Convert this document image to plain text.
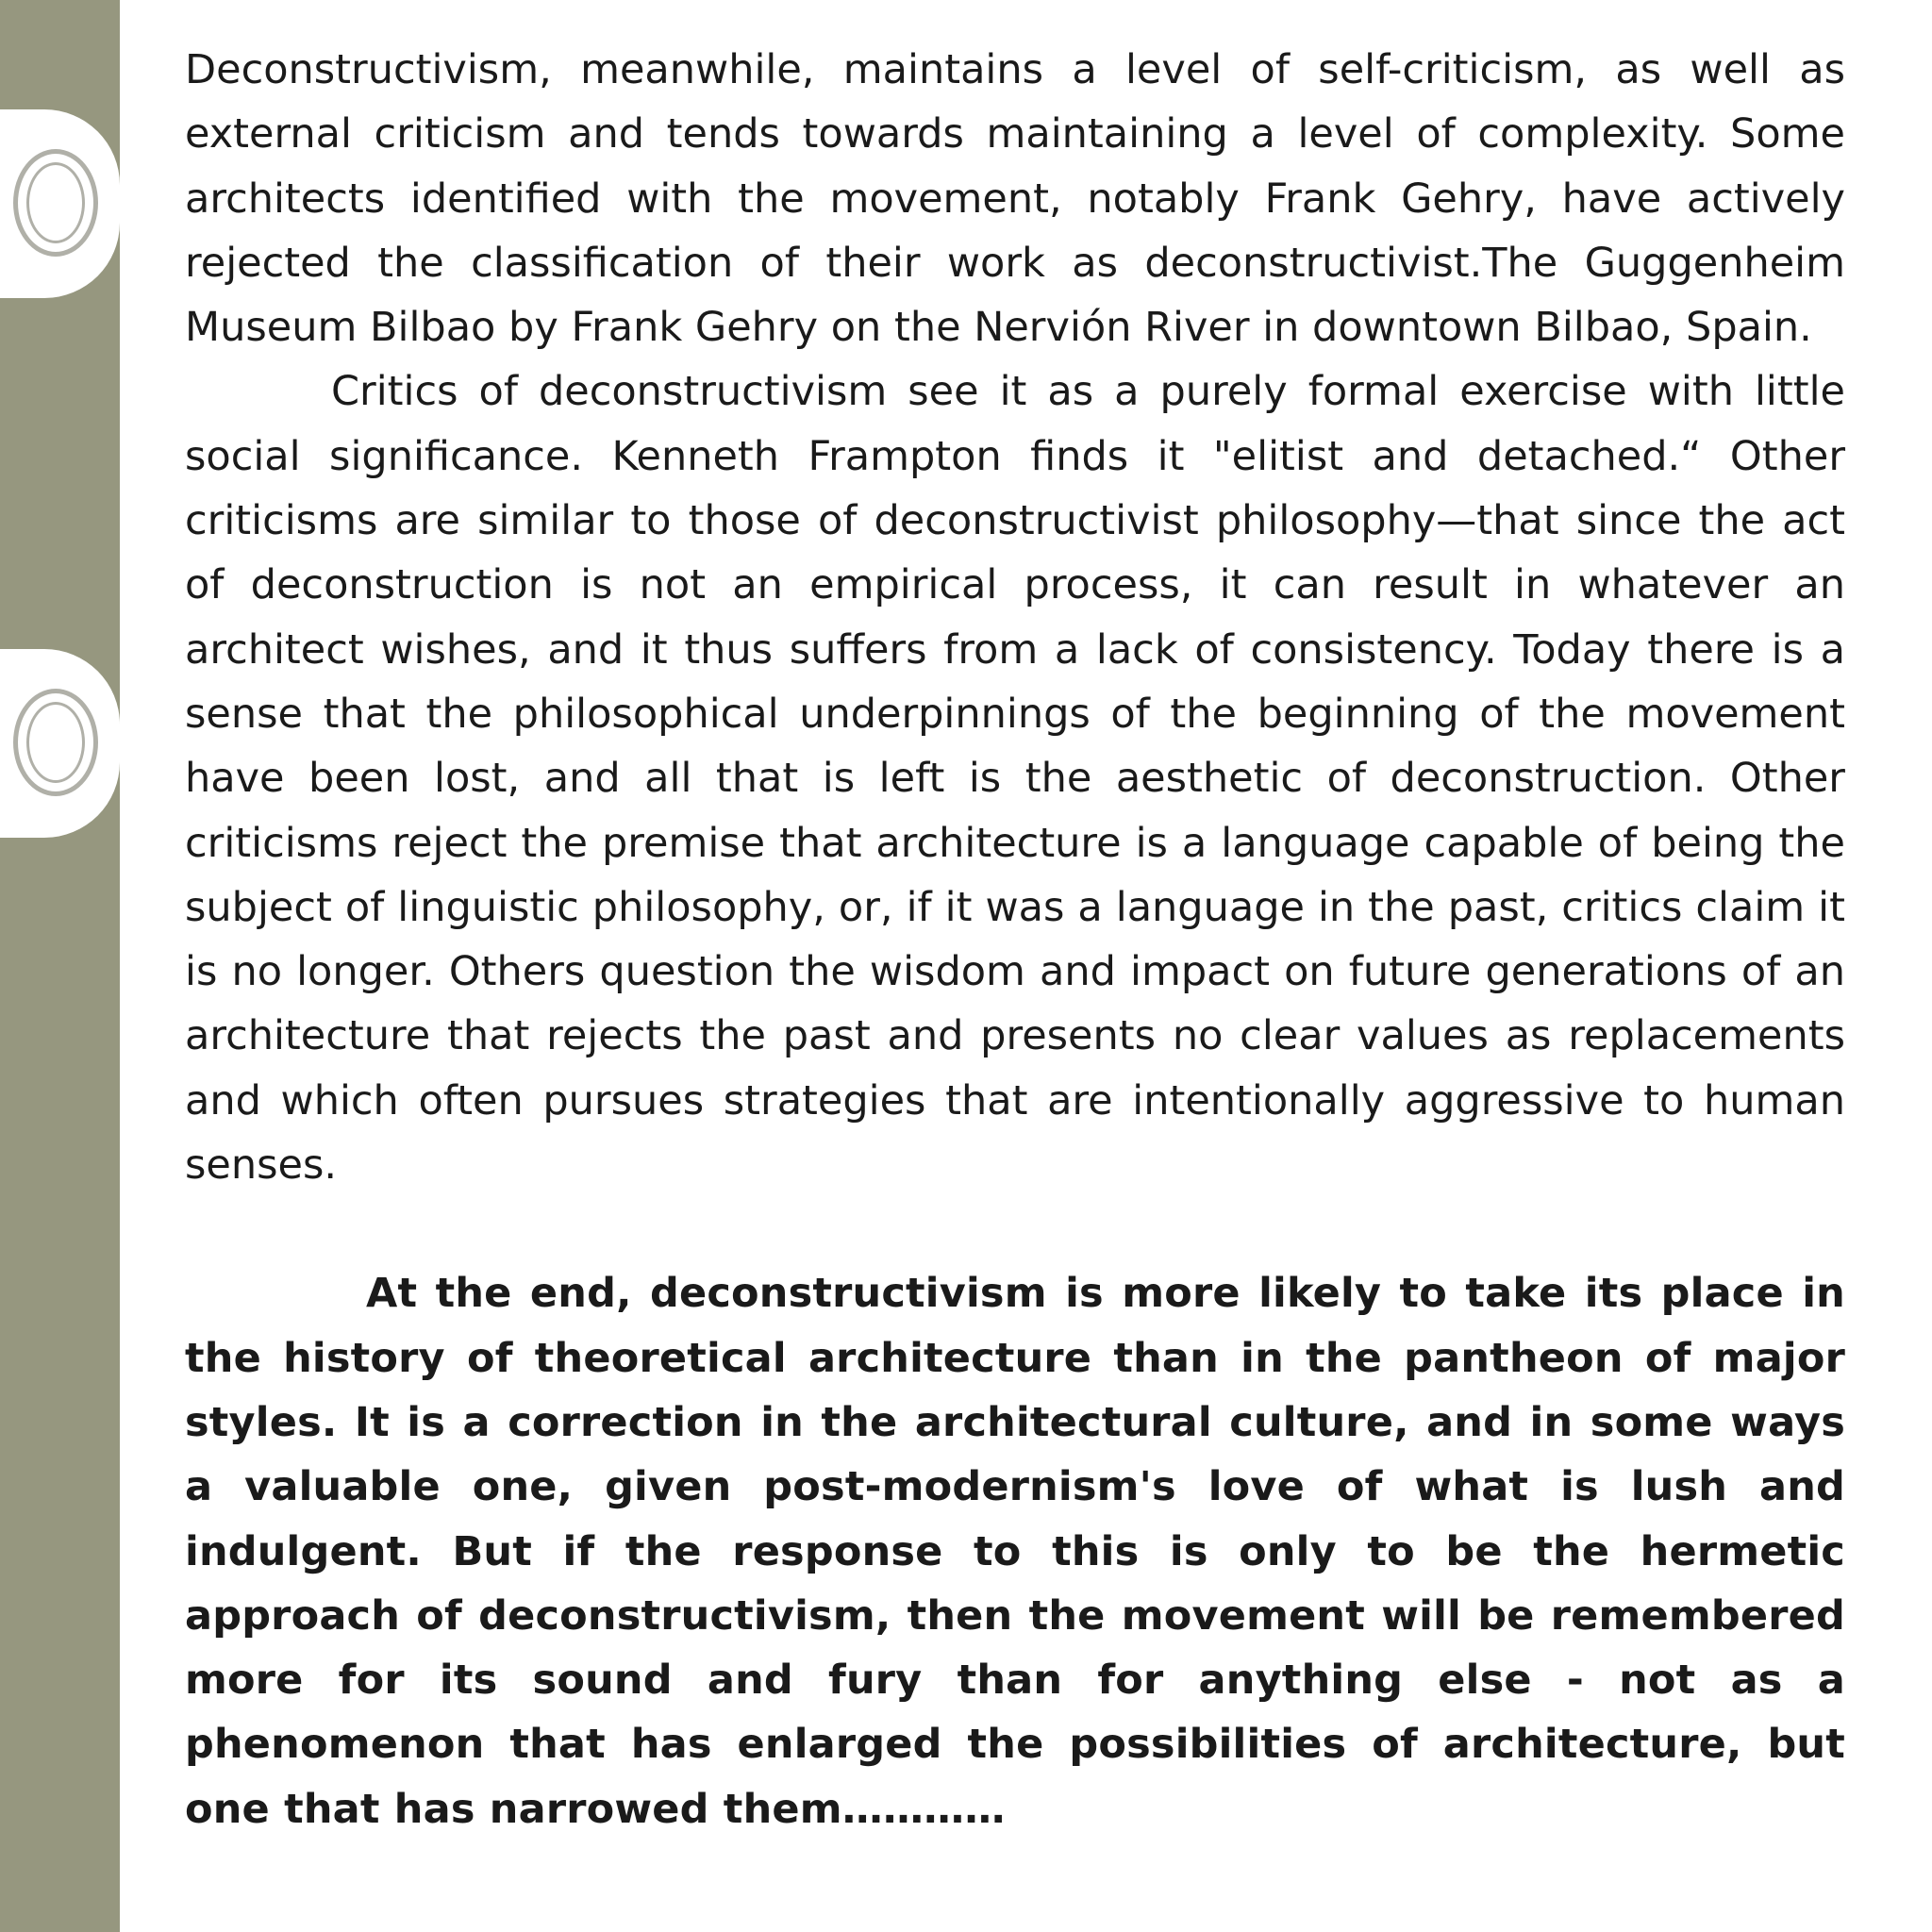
Deconstructivism, meanwhile, maintains a level of self-criticism, as well as external criticism and tends towards maintaining a level of complexity. Some architects identified with the movement, notably Frank Gehry, have actively rejected the classification of their work as deconstructivist.The Guggenheim Museum Bilbao by Frank Gehry on the Nervión River in downtown Bilbao, Spain.

Critics of deconstructivism see it as a purely formal exercise with little social significance. Kenneth Frampton finds it "elitist and detached.“ Other criticisms are similar to those of deconstructivist philosophy—that since the act of deconstruction is not an empirical process, it can result in whatever an architect wishes, and it thus suffers from a lack of consistency. Today there is a sense that the philosophical underpinnings of the beginning of the movement have been lost, and all that is left is the aesthetic of deconstruction. Other criticisms reject the premise that architecture is a language capable of being the subject of linguistic philosophy, or, if it was a language in the past, critics claim it is no longer. Others question the wisdom and impact on future generations of an architecture that rejects the past and presents no clear values as replacements and which often pursues strategies that are intentionally aggressive to human senses.

At the end, deconstructivism is more likely to take its place in the history of theoretical architecture than in the pantheon of major styles. It is a correction in the architectural culture, and in some ways a valuable one, given post-modernism's love of what is lush and indulgent. But if the response to this is only to be the hermetic approach of deconstructivism, then the movement will be remembered more for its sound and fury than for anything else - not as a phenomenon that has enlarged the possibilities of architecture, but one that has narrowed them…………
